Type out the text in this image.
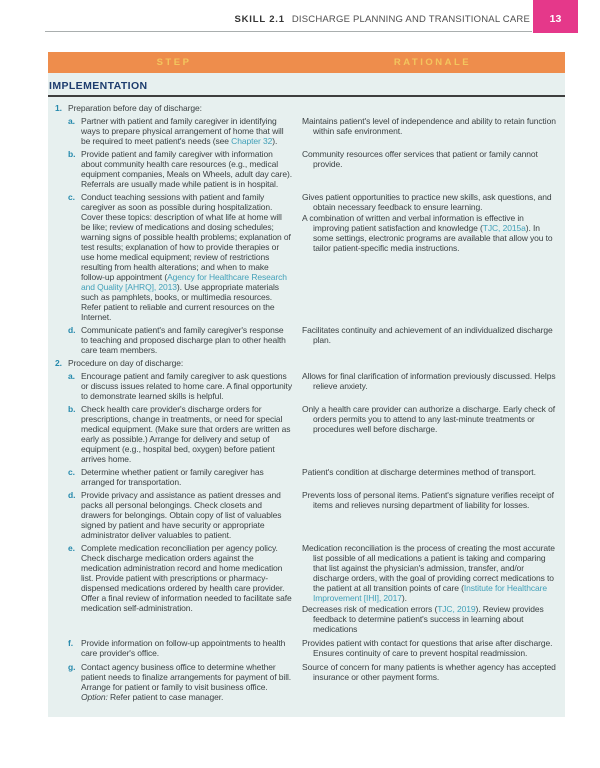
SKILL 2.1 DISCHARGE PLANNING AND TRANSITIONAL CARE	13
STEP	RATIONALE
IMPLEMENTATION
1. Preparation before day of discharge:
a. Partner with patient and family caregiver in identifying ways to prepare physical arrangement of home that will be required to meet patient's needs (see Chapter 32).
Maintains patient's level of independence and ability to retain function within safe environment.
b. Provide patient and family caregiver with information about community health care resources (e.g., medical equipment companies, Meals on Wheels, adult day care). Referrals are usually made while patient is in hospital.
Community resources offer services that patient or family cannot provide.
c. Conduct teaching sessions with patient and family caregiver as soon as possible during hospitalization. Cover these topics: description of what life at home will be like; review of medications and dosing schedules; warning signs of possible health problems; explanation of test results; explanation of how to provide therapies or use home medical equipment; review of restrictions resulting from health alterations; and when to make follow-up appointment (Agency for Healthcare Research and Quality [AHRQ], 2013). Use appropriate materials such as pamphlets, books, or multimedia resources. Refer patient to reliable and current resources on the Internet.
Gives patient opportunities to practice new skills, ask questions, and obtain necessary feedback to ensure learning.
A combination of written and verbal information is effective in improving patient satisfaction and knowledge (TJC, 2015a). In some settings, electronic programs are available that allow you to tailor patient-specific media instructions.
d. Communicate patient's and family caregiver's response to teaching and proposed discharge plan to other health care team members.
Facilitates continuity and achievement of an individualized discharge plan.
2. Procedure on day of discharge:
a. Encourage patient and family caregiver to ask questions or discuss issues related to home care. A final opportunity to demonstrate learned skills is helpful.
Allows for final clarification of information previously discussed. Helps relieve anxiety.
b. Check health care provider's discharge orders for prescriptions, change in treatments, or need for special medical equipment. (Make sure that orders are written as early as possible.) Arrange for delivery and setup of equipment (e.g., hospital bed, oxygen) before patient arrives home.
Only a health care provider can authorize a discharge. Early check of orders permits you to attend to any last-minute treatments or procedures well before discharge.
c. Determine whether patient or family caregiver has arranged for transportation.
Patient's condition at discharge determines method of transport.
d. Provide privacy and assistance as patient dresses and packs all personal belongings. Check closets and drawers for belongings. Obtain copy of list of valuables signed by patient and have security or appropriate administrator deliver valuables to patient.
Prevents loss of personal items. Patient's signature verifies receipt of items and relieves nursing department of liability for losses.
e. Complete medication reconciliation per agency policy. Check discharge medication orders against the medication administration record and home medication list. Provide patient with prescriptions or pharmacy-dispensed medications ordered by health care provider. Offer a final review of information needed to facilitate safe medication self-administration.
Medication reconciliation is the process of creating the most accurate list possible of all medications a patient is taking and comparing that list against the physician's admission, transfer, and/or discharge orders, with the goal of providing correct medications to the patient at all transition points of care (Institute for Healthcare Improvement [IHI], 2017).
Decreases risk of medication errors (TJC, 2019). Review provides feedback to determine patient's success in learning about medications
f. Provide information on follow-up appointments to health care provider's office.
Provides patient with contact for questions that arise after discharge. Ensures continuity of care to prevent hospital readmission.
g. Contact agency business office to determine whether patient needs to finalize arrangements for payment of bill. Arrange for patient or family to visit business office. Option: Refer patient to case manager.
Source of concern for many patients is whether agency has accepted insurance or other payment forms.
